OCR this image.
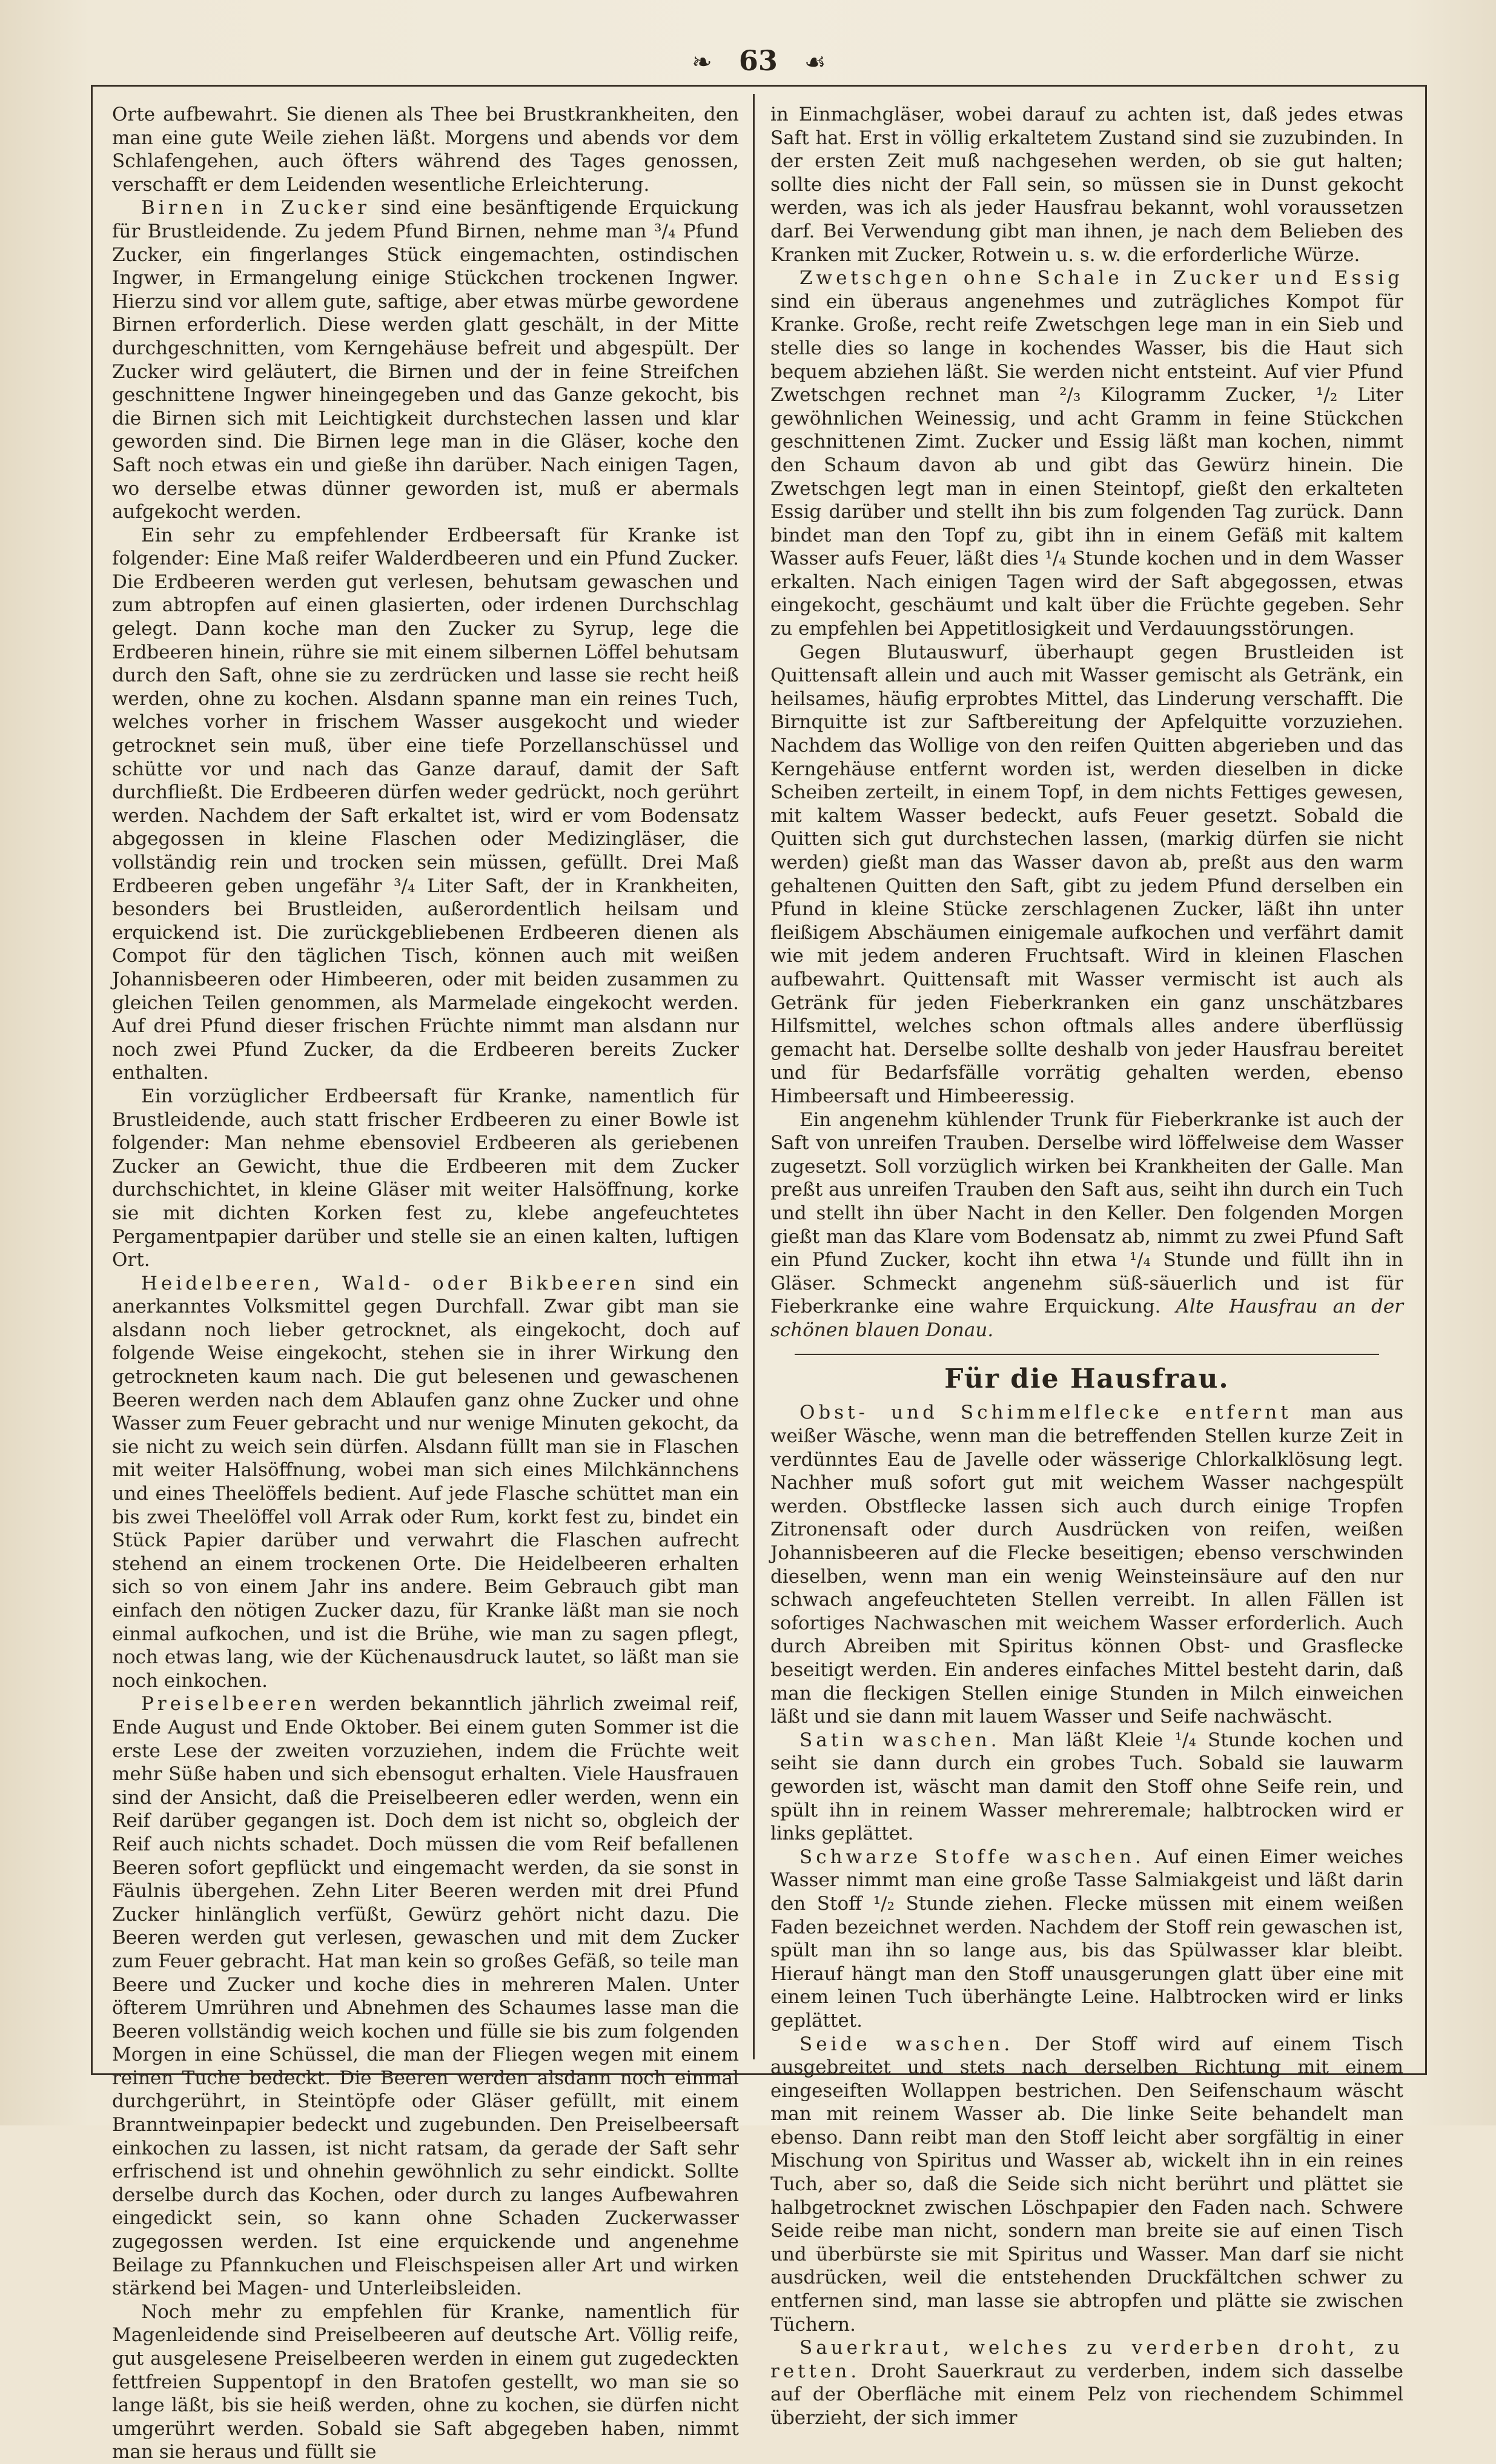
❧ 63 ☙

Orte aufbewahrt. Sie dienen als Thee bei Brustkrankheiten, den man eine gute Weile ziehen läßt. Morgens und abends vor dem Schlafengehen, auch öfters während des Tages genossen, verschafft er dem Leidenden wesentliche Erleichterung.

Birnen in Zucker sind eine besänftigende Erquickung für Brustleidende. Zu jedem Pfund Birnen, nehme man ³/₄ Pfund Zucker, ein fingerlanges Stück eingemachten, ostindischen Ingwer, in Ermangelung einige Stückchen trockenen Ingwer. Hierzu sind vor allem gute, saftige, aber etwas mürbe gewordene Birnen erforderlich. Diese werden glatt geschält, in der Mitte durchgeschnitten, vom Kerngehäuse befreit und abgespült. Der Zucker wird geläutert, die Birnen und der in feine Streifchen geschnittene Ingwer hineingegeben und das Ganze gekocht, bis die Birnen sich mit Leichtigkeit durchstechen lassen und klar geworden sind. Die Birnen lege man in die Gläser, koche den Saft noch etwas ein und gieße ihn darüber. Nach einigen Tagen, wo derselbe etwas dünner geworden ist, muß er abermals aufgekocht werden.

Ein sehr zu empfehlender Erdbeersaft für Kranke ist folgender: Eine Maß reifer Walderdbeeren und ein Pfund Zucker. Die Erdbeeren werden gut verlesen, behutsam gewaschen und zum abtropfen auf einen glasierten, oder irdenen Durchschlag gelegt. Dann koche man den Zucker zu Syrup, lege die Erdbeeren hinein, rühre sie mit einem silbernen Löffel behutsam durch den Saft, ohne sie zu zerdrücken und lasse sie recht heiß werden, ohne zu kochen. Alsdann spanne man ein reines Tuch, welches vorher in frischem Wasser ausgekocht und wieder getrocknet sein muß, über eine tiefe Porzellanschüssel und schütte vor und nach das Ganze darauf, damit der Saft durchfließt. Die Erdbeeren dürfen weder gedrückt, noch gerührt werden. Nachdem der Saft erkaltet ist, wird er vom Bodensatz abgegossen in kleine Flaschen oder Medizingläser, die vollständig rein und trocken sein müssen, gefüllt. Drei Maß Erdbeeren geben ungefähr ³/₄ Liter Saft, der in Krankheiten, besonders bei Brustleiden, außerordentlich heilsam und erquickend ist. Die zurückgebliebenen Erdbeeren dienen als Compot für den täglichen Tisch, können auch mit weißen Johannisbeeren oder Himbeeren, oder mit beiden zusammen zu gleichen Teilen genommen, als Marmelade eingekocht werden. Auf drei Pfund dieser frischen Früchte nimmt man alsdann nur noch zwei Pfund Zucker, da die Erdbeeren bereits Zucker enthalten.

Ein vorzüglicher Erdbeersaft für Kranke, namentlich für Brustleidende, auch statt frischer Erdbeeren zu einer Bowle ist folgender: Man nehme ebensoviel Erdbeeren als geriebenen Zucker an Gewicht, thue die Erdbeeren mit dem Zucker durchschichtet, in kleine Gläser mit weiter Halsöffnung, korke sie mit dichten Korken fest zu, klebe angefeuchtetes Pergamentpapier darüber und stelle sie an einen kalten, luftigen Ort.

Heidelbeeren, Wald- oder Bikbeeren sind ein anerkanntes Volksmittel gegen Durchfall. Zwar gibt man sie alsdann noch lieber getrocknet, als eingekocht, doch auf folgende Weise eingekocht, stehen sie in ihrer Wirkung den getrockneten kaum nach. Die gut belesenen und gewaschenen Beeren werden nach dem Ablaufen ganz ohne Zucker und ohne Wasser zum Feuer gebracht und nur wenige Minuten gekocht, da sie nicht zu weich sein dürfen. Alsdann füllt man sie in Flaschen mit weiter Halsöffnung, wobei man sich eines Milchkännchens und eines Theelöffels bedient. Auf jede Flasche schüttet man ein bis zwei Theelöffel voll Arrak oder Rum, korkt fest zu, bindet ein Stück Papier darüber und verwahrt die Flaschen aufrecht stehend an einem trockenen Orte. Die Heidelbeeren erhalten sich so von einem Jahr ins andere. Beim Gebrauch gibt man einfach den nötigen Zucker dazu, für Kranke läßt man sie noch einmal aufkochen, und ist die Brühe, wie man zu sagen pflegt, noch etwas lang, wie der Küchenausdruck lautet, so läßt man sie noch einkochen.

Preiselbeeren werden bekanntlich jährlich zweimal reif, Ende August und Ende Oktober. Bei einem guten Sommer ist die erste Lese der zweiten vorzuziehen, indem die Früchte weit mehr Süße haben und sich ebensogut erhalten. Viele Hausfrauen sind der Ansicht, daß die Preiselbeeren edler werden, wenn ein Reif darüber gegangen ist. Doch dem ist nicht so, obgleich der Reif auch nichts schadet. Doch müssen die vom Reif befallenen Beeren sofort gepflückt und eingemacht werden, da sie sonst in Fäulnis übergehen. Zehn Liter Beeren werden mit drei Pfund Zucker hinlänglich verfüßt, Gewürz gehört nicht dazu. Die Beeren werden gut verlesen, gewaschen und mit dem Zucker zum Feuer gebracht. Hat man kein so großes Gefäß, so teile man Beere und Zucker und koche dies in mehreren Malen. Unter öfterem Umrühren und Abnehmen des Schaumes lasse man die Beeren vollständig weich kochen und fülle sie bis zum folgenden Morgen in eine Schüssel, die man der Fliegen wegen mit einem reinen Tuche bedeckt. Die Beeren werden alsdann noch einmal durchgerührt, in Steintöpfe oder Gläser gefüllt, mit einem Branntweinpapier bedeckt und zugebunden. Den Preiselbeersaft einkochen zu lassen, ist nicht ratsam, da gerade der Saft sehr erfrischend ist und ohnehin gewöhnlich zu sehr eindickt. Sollte derselbe durch das Kochen, oder durch zu langes Aufbewahren eingedickt sein, so kann ohne Schaden Zuckerwasser zugegossen werden. Ist eine erquickende und angenehme Beilage zu Pfannkuchen und Fleischspeisen aller Art und wirken stärkend bei Magen- und Unterleibsleiden.

Noch mehr zu empfehlen für Kranke, namentlich für Magenleidende sind Preiselbeeren auf deutsche Art. Völlig reife, gut ausgelesene Preiselbeeren werden in einem gut zugedeckten fettfreien Suppentopf in den Bratofen gestellt, wo man sie so lange läßt, bis sie heiß werden, ohne zu kochen, sie dürfen nicht umgerührt werden. Sobald sie Saft abgegeben haben, nimmt man sie heraus und füllt sie

in Einmachgläser, wobei darauf zu achten ist, daß jedes etwas Saft hat. Erst in völlig erkaltetem Zustand sind sie zuzubinden. In der ersten Zeit muß nachgesehen werden, ob sie gut halten; sollte dies nicht der Fall sein, so müssen sie in Dunst gekocht werden, was ich als jeder Hausfrau bekannt, wohl voraussetzen darf. Bei Verwendung gibt man ihnen, je nach dem Belieben des Kranken mit Zucker, Rotwein u. s. w. die erforderliche Würze.

Zwetschgen ohne Schale in Zucker und Essig sind ein überaus angenehmes und zuträgliches Kompot für Kranke. Große, recht reife Zwetschgen lege man in ein Sieb und stelle dies so lange in kochendes Wasser, bis die Haut sich bequem abziehen läßt. Sie werden nicht entsteint. Auf vier Pfund Zwetschgen rechnet man ²/₃ Kilogramm Zucker, ¹/₂ Liter gewöhnlichen Weinessig, und acht Gramm in feine Stückchen geschnittenen Zimt. Zucker und Essig läßt man kochen, nimmt den Schaum davon ab und gibt das Gewürz hinein. Die Zwetschgen legt man in einen Steintopf, gießt den erkalteten Essig darüber und stellt ihn bis zum folgenden Tag zurück. Dann bindet man den Topf zu, gibt ihn in einem Gefäß mit kaltem Wasser aufs Feuer, läßt dies ¹/₄ Stunde kochen und in dem Wasser erkalten. Nach einigen Tagen wird der Saft abgegossen, etwas eingekocht, geschäumt und kalt über die Früchte gegeben. Sehr zu empfehlen bei Appetitlosigkeit und Verdauungsstörungen.

Gegen Blutauswurf, überhaupt gegen Brustleiden ist Quittensaft allein und auch mit Wasser gemischt als Getränk, ein heilsames, häufig erprobtes Mittel, das Linderung verschafft. Die Birnquitte ist zur Saftbereitung der Apfelquitte vorzuziehen. Nachdem das Wollige von den reifen Quitten abgerieben und das Kerngehäuse entfernt worden ist, werden dieselben in dicke Scheiben zerteilt, in einem Topf, in dem nichts Fettiges gewesen, mit kaltem Wasser bedeckt, aufs Feuer gesetzt. Sobald die Quitten sich gut durchstechen lassen, (markig dürfen sie nicht werden) gießt man das Wasser davon ab, preßt aus den warm gehaltenen Quitten den Saft, gibt zu jedem Pfund derselben ein Pfund in kleine Stücke zerschlagenen Zucker, läßt ihn unter fleißigem Abschäumen einigemale aufkochen und verfährt damit wie mit jedem anderen Fruchtsaft. Wird in kleinen Flaschen aufbewahrt. Quittensaft mit Wasser vermischt ist auch als Getränk für jeden Fieberkranken ein ganz unschätzbares Hilfsmittel, welches schon oftmals alles andere überflüssig gemacht hat. Derselbe sollte deshalb von jeder Hausfrau bereitet und für Bedarfsfälle vorrätig gehalten werden, ebenso Himbeersaft und Himbeeressig.

Ein angenehm kühlender Trunk für Fieberkranke ist auch der Saft von unreifen Trauben. Derselbe wird löffelweise dem Wasser zugesetzt. Soll vorzüglich wirken bei Krankheiten der Galle. Man preßt aus unreifen Trauben den Saft aus, seiht ihn durch ein Tuch und stellt ihn über Nacht in den Keller. Den folgenden Morgen gießt man das Klare vom Bodensatz ab, nimmt zu zwei Pfund Saft ein Pfund Zucker, kocht ihn etwa ¹/₄ Stunde und füllt ihn in Gläser. Schmeckt angenehm süß-säuerlich und ist für Fieberkranke eine wahre Erquickung. Alte Hausfrau an der schönen blauen Donau.

Für die Hausfrau.

Obst- und Schimmelflecke entfernt man aus weißer Wäsche, wenn man die betreffenden Stellen kurze Zeit in verdünntes Eau de Javelle oder wässerige Chlorkalklösung legt. Nachher muß sofort gut mit weichem Wasser nachgespült werden. Obstflecke lassen sich auch durch einige Tropfen Zitronensaft oder durch Ausdrücken von reifen, weißen Johannisbeeren auf die Flecke beseitigen; ebenso verschwinden dieselben, wenn man ein wenig Weinsteinsäure auf den nur schwach angefeuchteten Stellen verreibt. In allen Fällen ist sofortiges Nachwaschen mit weichem Wasser erforderlich. Auch durch Abreiben mit Spiritus können Obst- und Grasflecke beseitigt werden. Ein anderes einfaches Mittel besteht darin, daß man die fleckigen Stellen einige Stunden in Milch einweichen läßt und sie dann mit lauem Wasser und Seife nachwäscht.

Satin waschen. Man läßt Kleie ¹/₄ Stunde kochen und seiht sie dann durch ein grobes Tuch. Sobald sie lauwarm geworden ist, wäscht man damit den Stoff ohne Seife rein, und spült ihn in reinem Wasser mehreremale; halbtrocken wird er links geplättet.

Schwarze Stoffe waschen. Auf einen Eimer weiches Wasser nimmt man eine große Tasse Salmiakgeist und läßt darin den Stoff ¹/₂ Stunde ziehen. Flecke müssen mit einem weißen Faden bezeichnet werden. Nachdem der Stoff rein gewaschen ist, spült man ihn so lange aus, bis das Spülwasser klar bleibt. Hierauf hängt man den Stoff unausgerungen glatt über eine mit einem leinen Tuch überhängte Leine. Halbtrocken wird er links geplättet.

Seide waschen. Der Stoff wird auf einem Tisch ausgebreitet und stets nach derselben Richtung mit einem eingeseiften Wollappen bestrichen. Den Seifenschaum wäscht man mit reinem Wasser ab. Die linke Seite behandelt man ebenso. Dann reibt man den Stoff leicht aber sorgfältig in einer Mischung von Spiritus und Wasser ab, wickelt ihn in ein reines Tuch, aber so, daß die Seide sich nicht berührt und plättet sie halbgetrocknet zwischen Löschpapier den Faden nach. Schwere Seide reibe man nicht, sondern man breite sie auf einen Tisch und überbürste sie mit Spiritus und Wasser. Man darf sie nicht ausdrücken, weil die entstehenden Druckfältchen schwer zu entfernen sind, man lasse sie abtropfen und plätte sie zwischen Tüchern.

Sauerkraut, welches zu verderben droht, zu retten. Droht Sauerkraut zu verderben, indem sich dasselbe auf der Oberfläche mit einem Pelz von riechendem Schimmel überzieht, der sich immer
